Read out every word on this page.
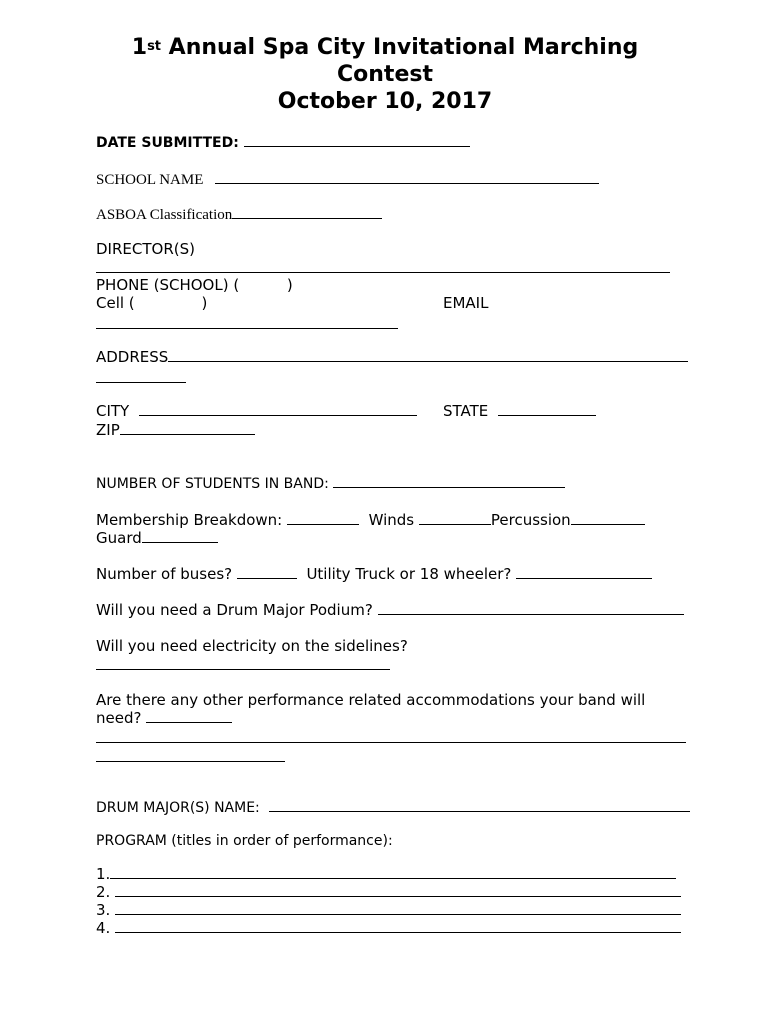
1st Annual Spa City Invitational Marching
Contest
October 10, 2017
DATE SUBMITTED:
SCHOOL NAME
ASBOA Classification
DIRECTOR(S)
PHONE (SCHOOL) (	)
Cell (	)	EMAIL
ADDRESS
CITY	STATE
ZIP
NUMBER OF STUDENTS IN BAND:
Membership Breakdown:	Winds	Percussion
Guard
Number of buses?	Utility Truck or 18 wheeler?
Will you need a Drum Major Podium?
Will you need electricity on the sidelines?
Are there any other performance related accommodations your band will
need?
DRUM MAJOR(S) NAME:
PROGRAM (titles in order of performance):
1.
2.
3.
4.
